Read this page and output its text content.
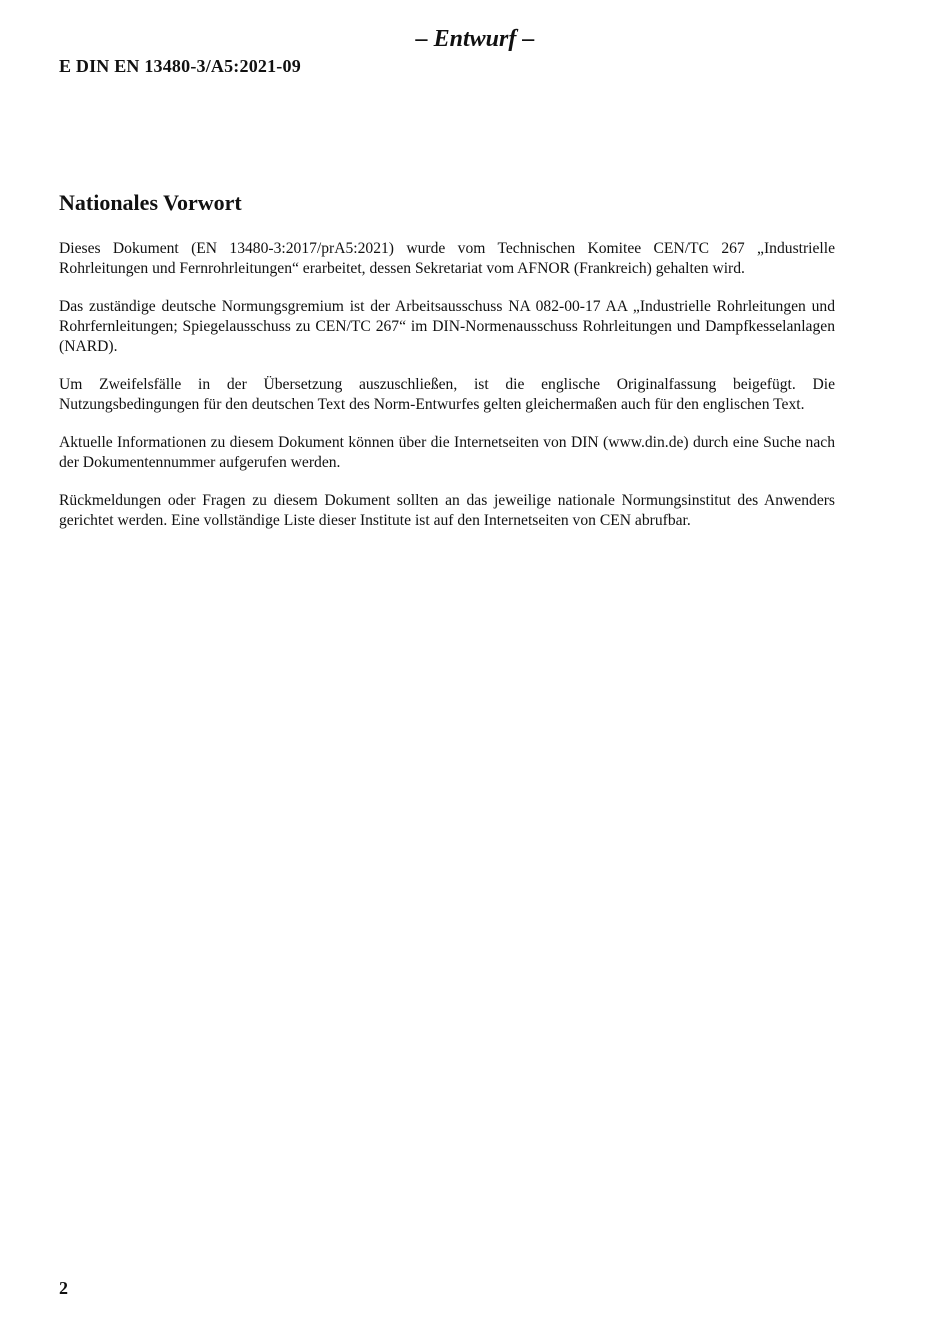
– Entwurf –
E DIN EN 13480-3/A5:2021-09
Nationales Vorwort

Dieses Dokument (EN 13480-3:2017/prA5:2021) wurde vom Technischen Komitee CEN/TC 267 „Industrielle Rohrleitungen und Fernrohrleitungen“ erarbeitet, dessen Sekretariat vom AFNOR (Frankreich) gehalten wird.

Das zuständige deutsche Normungsgremium ist der Arbeitsausschuss NA 082-00-17 AA „Industrielle Rohrleitungen und Rohrfernleitungen; Spiegelausschuss zu CEN/TC 267“ im DIN-Normenausschuss Rohrleitungen und Dampfkesselanlagen (NARD).

Um Zweifelsfälle in der Übersetzung auszuschließen, ist die englische Originalfassung beigefügt. Die Nutzungsbedingungen für den deutschen Text des Norm-Entwurfes gelten gleichermaßen auch für den englischen Text.

Aktuelle Informationen zu diesem Dokument können über die Internetseiten von DIN (www.din.de) durch eine Suche nach der Dokumentennummer aufgerufen werden.

Rückmeldungen oder Fragen zu diesem Dokument sollten an das jeweilige nationale Normungsinstitut des Anwenders gerichtet werden. Eine vollständige Liste dieser Institute ist auf den Internetseiten von CEN abrufbar.

2
